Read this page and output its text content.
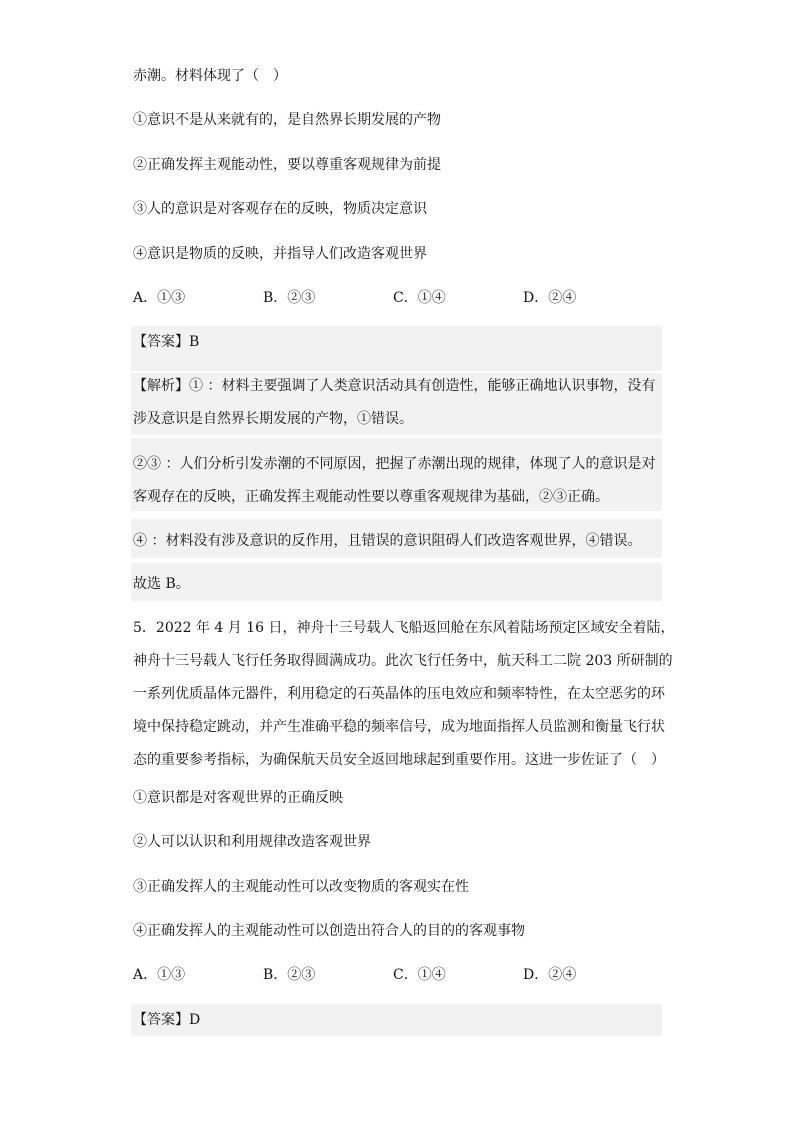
赤潮。材料体现了（　）
①意识不是从来就有的，是自然界长期发展的产物
②正确发挥主观能动性，要以尊重客观规律为前提
③人的意识是对客观存在的反映，物质决定意识
④意识是物质的反映，并指导人们改造客观世界
A．①③	B．②③	C．①④	D．②④
【答案】B
【解析】① ：材料主要强调了人类意识活动具有创造性，能够正确地认识事物，没有
涉及意识是自然界长期发展的产物，①错误。
②③ ：人们分析引发赤潮的不同原因，把握了赤潮出现的规律，体现了人的意识是对
客观存在的反映，正确发挥主观能动性要以尊重客观规律为基础，②③正确。
④ ：材料没有涉及意识的反作用，且错误的意识阻碍人们改造客观世界，④错误。
故选 B。
5．2022 年 4 月 16 日，神舟十三号载人飞船返回舱在东风着陆场预定区域安全着陆，
神舟十三号载人飞行任务取得圆满成功。此次飞行任务中，航天科工二院 203 所研制的
一系列优质晶体元器件，利用稳定的石英晶体的压电效应和频率特性，在太空恶劣的环
境中保持稳定跳动，并产生准确平稳的频率信号，成为地面指挥人员监测和衡量飞行状
态的重要参考指标，为确保航天员安全返回地球起到重要作用。这进一步佐证了（　）
①意识都是对客观世界的正确反映
②人可以认识和利用规律改造客观世界
③正确发挥人的主观能动性可以改变物质的客观实在性
④正确发挥人的主观能动性可以创造出符合人的目的的客观事物
A．①③	B．②③	C．①④	D．②④
【答案】D
